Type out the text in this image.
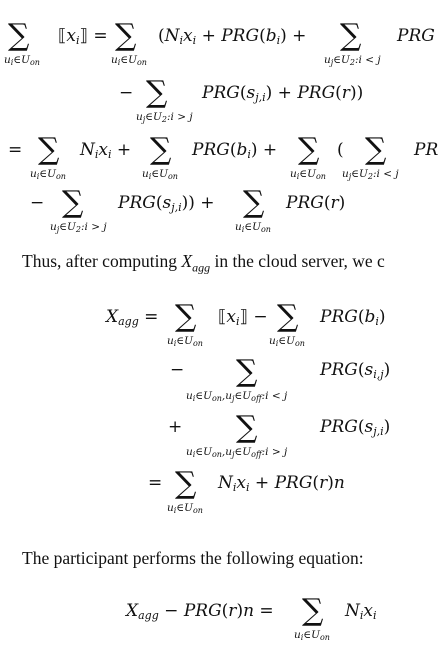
∑
ui∈Uon
⟦xi⟧ = ∑
ui∈Uon
(Nixi + PRG(bi) + ∑
uj∈U2:i < j
PRG
− ∑
uj∈U2:i > j
PRG(sj,i) + PRG(r))
= ∑
ui∈Uon
Nixi + ∑
ui∈Uon
PRG(bi) + ∑
ui∈Uon
( ∑
uj∈U2:i < j
PR
− ∑
uj∈U2:i > j
PRG(sj,i)) + ∑
ui∈Uon
PRG(r)
Xagg = ∑
ui∈Uon
⟦xi⟧ − ∑
ui∈Uon
PRG(bi)
− ∑
ui∈Uon,uj∈Uoff:i < j
PRG(si,j)
+ ∑
ui∈Uon,uj∈Uoff:i > j
PRG(sj,i)
= ∑
ui∈Uon
Nixi + PRG(r)n
Xagg − PRG(r)n = ∑
ui∈Uon
Nixi

Thus, after computing $X_{agg}$ in the cloud server, we c

The participant performs the following equation:
